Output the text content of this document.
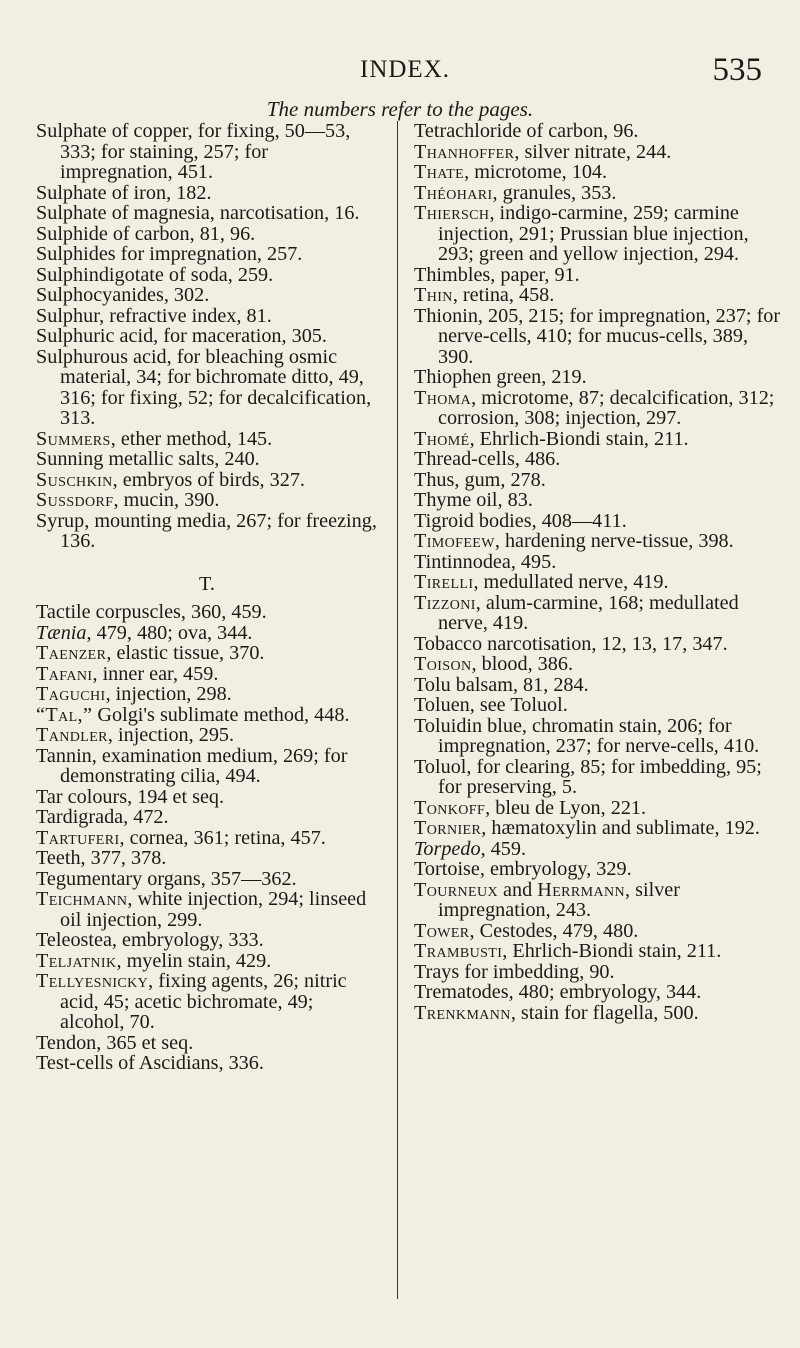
INDEX.	535
The numbers refer to the pages.

Sulphate of copper, for fixing, 50—53, 333; for staining, 257; for impregnation, 451.

Sulphate of iron, 182.

Sulphate of magnesia, narcotisation, 16.

Sulphide of carbon, 81, 96.

Sulphides for impregnation, 257.

Sulphindigotate of soda, 259.

Sulphocyanides, 302.

Sulphur, refractive index, 81.

Sulphuric acid, for maceration, 305.

Sulphurous acid, for bleaching osmic material, 34; for bichromate ditto, 49, 316; for fixing, 52; for decalcification, 313.

Summers, ether method, 145.

Sunning metallic salts, 240.

Suschkin, embryos of birds, 327.

Sussdorf, mucin, 390.

Syrup, mounting media, 267; for freezing, 136.

T.

Tactile corpuscles, 360, 459.

Tænia, 479, 480; ova, 344.

Taenzer, elastic tissue, 370.

Tafani, inner ear, 459.

Taguchi, injection, 298.

“Tal,” Golgi's sublimate method, 448.

Tandler, injection, 295.

Tannin, examination medium, 269; for demonstrating cilia, 494.

Tar colours, 194 et seq.

Tardigrada, 472.

Tartuferi, cornea, 361; retina, 457.

Teeth, 377, 378.

Tegumentary organs, 357—362.

Teichmann, white injection, 294; linseed oil injection, 299.

Teleostea, embryology, 333.

Teljatnik, myelin stain, 429.

Tellyesnicky, fixing agents, 26; nitric acid, 45; acetic bichromate, 49; alcohol, 70.

Tendon, 365 et seq.

Test-cells of Ascidians, 336.

Tetrachloride of carbon, 96.

Thanhoffer, silver nitrate, 244.

Thate, microtome, 104.

Théohari, granules, 353.

Thiersch, indigo-carmine, 259; carmine injection, 291; Prussian blue injection, 293; green and yellow injection, 294.

Thimbles, paper, 91.

Thin, retina, 458.

Thionin, 205, 215; for impregnation, 237; for nerve-cells, 410; for mucus-cells, 389, 390.

Thiophen green, 219.

Thoma, microtome, 87; decalcification, 312; corrosion, 308; injection, 297.

Thomé, Ehrlich-Biondi stain, 211.

Thread-cells, 486.

Thus, gum, 278.

Thyme oil, 83.

Tigroid bodies, 408—411.

Timofeew, hardening nerve-tissue, 398.

Tintinnodea, 495.

Tirelli, medullated nerve, 419.

Tizzoni, alum-carmine, 168; medullated nerve, 419.

Tobacco narcotisation, 12, 13, 17, 347.

Toison, blood, 386.

Tolu balsam, 81, 284.

Toluen, see Toluol.

Toluidin blue, chromatin stain, 206; for impregnation, 237; for nerve-cells, 410.

Toluol, for clearing, 85; for imbedding, 95; for preserving, 5.

Tonkoff, bleu de Lyon, 221.

Tornier, hæmatoxylin and sublimate, 192.

Torpedo, 459.

Tortoise, embryology, 329.

Tourneux and Herrmann, silver impregnation, 243.

Tower, Cestodes, 479, 480.

Trambusti, Ehrlich-Biondi stain, 211.

Trays for imbedding, 90.

Trematodes, 480; embryology, 344.

Trenkmann, stain for flagella, 500.
